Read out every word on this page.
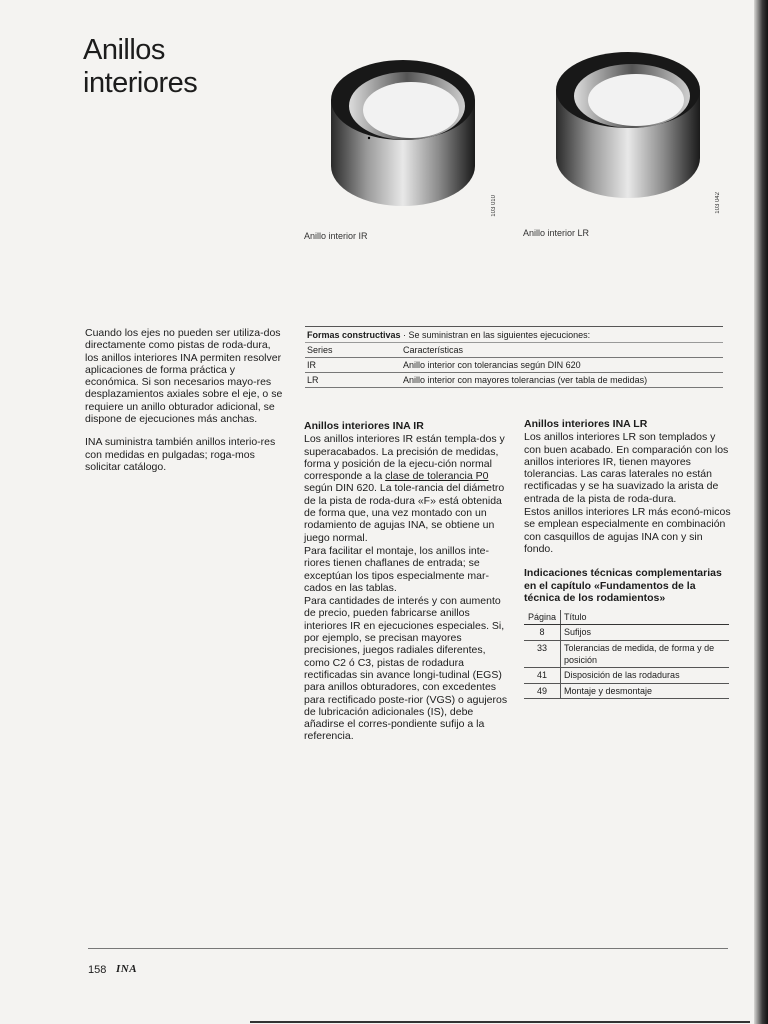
Anillos
interiores
103 010
Anillo interior IR
103 042
Anillo interior LR

Cuando los ejes no pueden ser utiliza-dos directamente como pistas de roda-dura, los anillos interiores INA permiten resolver aplicaciones de forma práctica y económica. Si son necesarios mayo-res desplazamientos axiales sobre el eje, o se requiere un anillo obturador adicional, se dispone de ejecuciones más anchas.

INA suministra también anillos interio-res con medidas en pulgadas; roga-mos solicitar catálogo.

Formas constructivas · Se suministran en las siguientes ejecuciones:
Series	Características
IR	Anillo interior con tolerancias según DIN 620
LR	Anillo interior con mayores tolerancias (ver tabla de medidas)
Anillos interiores INA IR

Los anillos interiores IR están templa-dos y superacabados. La precisión de medidas, forma y posición de la ejecu-ción normal corresponde a la clase de tolerancia P0 según DIN 620. La tole-rancia del diámetro de la pista de roda-dura «F» está obtenida de forma que, una vez montado con un rodamiento de agujas INA, se obtiene un juego normal.

Para facilitar el montaje, los anillos inte-riores tienen chaflanes de entrada; se exceptúan los tipos especialmente mar-cados en las tablas.

Para cantidades de interés y con aumento de precio, pueden fabricarse anillos interiores IR en ejecuciones especiales. Si, por ejemplo, se precisan mayores precisiones, juegos radiales diferentes, como C2 ó C3, pistas de rodadura rectificadas sin avance longi-tudinal (EGS) para anillos obturadores, con excedentes para rectificado poste-rior (VGS) o agujeros de lubricación adicionales (IS), debe añadirse el corres-pondiente sufijo a la referencia.

Anillos interiores INA LR

Los anillos interiores LR son templados y con buen acabado. En comparación con los anillos interiores IR, tienen mayores tolerancias. Las caras laterales no están rectificadas y se ha suavizado la arista de entrada de la pista de roda-dura.

Estos anillos interiores LR más econó-micos se emplean especialmente en combinación con casquillos de agujas INA con y sin fondo.

Indicaciones técnicas complementarias en el capítulo «Fundamentos de la técnica de los rodamientos»
Página	Título
8	Sufijos
33	Tolerancias de medida, de forma y de posición
41	Disposición de las rodaduras
49	Montaje y desmontaje
158 INA
